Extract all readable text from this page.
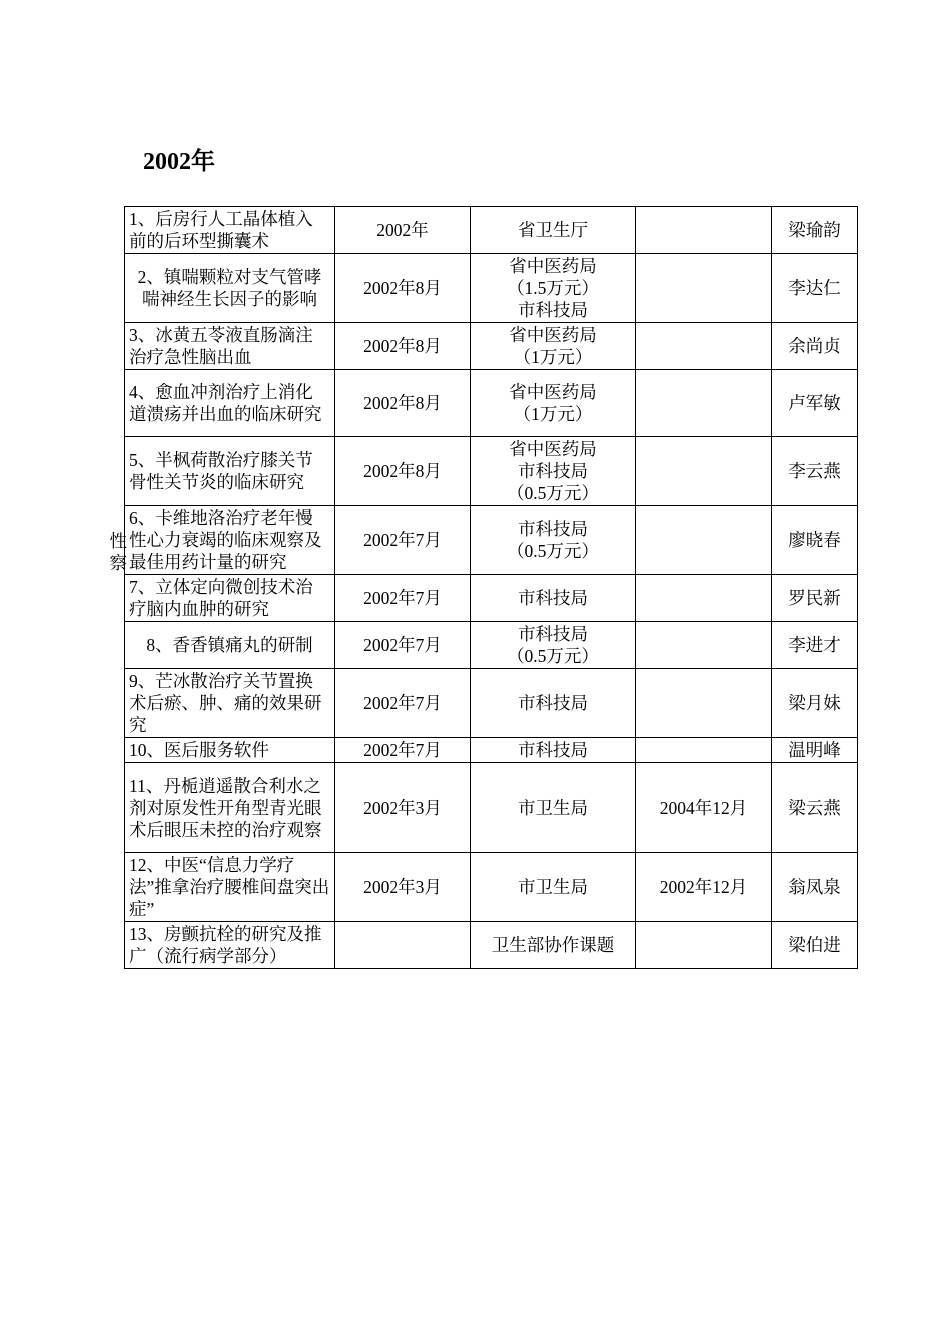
2002年
1、后房行人工晶体植入前的后环型撕囊术	2002年	省卫生厅		梁瑜韵
2、镇喘颗粒对支气管哮喘神经生长因子的影响	2002年8月	省中医药局
（1.5万元）
市科技局		李达仁
3、冰黄五苓液直肠滴注治疗急性脑出血	2002年8月	省中医药局
（1万元）		余尚贞
4、愈血冲剂治疗上消化道溃疡并出血的临床研究	2002年8月	省中医药局
（1万元）		卢军敏
5、半枫荷散治疗膝关节骨性关节炎的临床研究	2002年8月	省中医药局
市科技局
（0.5万元）		李云燕

性
察
6、卡维地洛治疗老年慢性心力衰竭的临床观察及最佳用药计量的研究	2002年7月	市科技局
（0.5万元）		廖晓春
7、立体定向微创技术治疗脑内血肿的研究	2002年7月	市科技局		罗民新
8、香香镇痛丸的研制	2002年7月	市科技局
（0.5万元）		李进才
9、芒冰散治疗关节置换术后瘀、肿、痛的效果研究	2002年7月	市科技局		梁月妹
10、医后服务软件	2002年7月	市科技局		温明峰
11、丹栀逍遥散合利水之剂对原发性开角型青光眼术后眼压未控的治疗观察	2002年3月	市卫生局	2004年12月	梁云燕
12、中医“信息力学疗法”推拿治疗腰椎间盘突出症”	2002年3月	市卫生局	2002年12月	翁凤泉
13、房颤抗栓的研究及推广（流行病学部分）		卫生部协作课题		梁伯进
